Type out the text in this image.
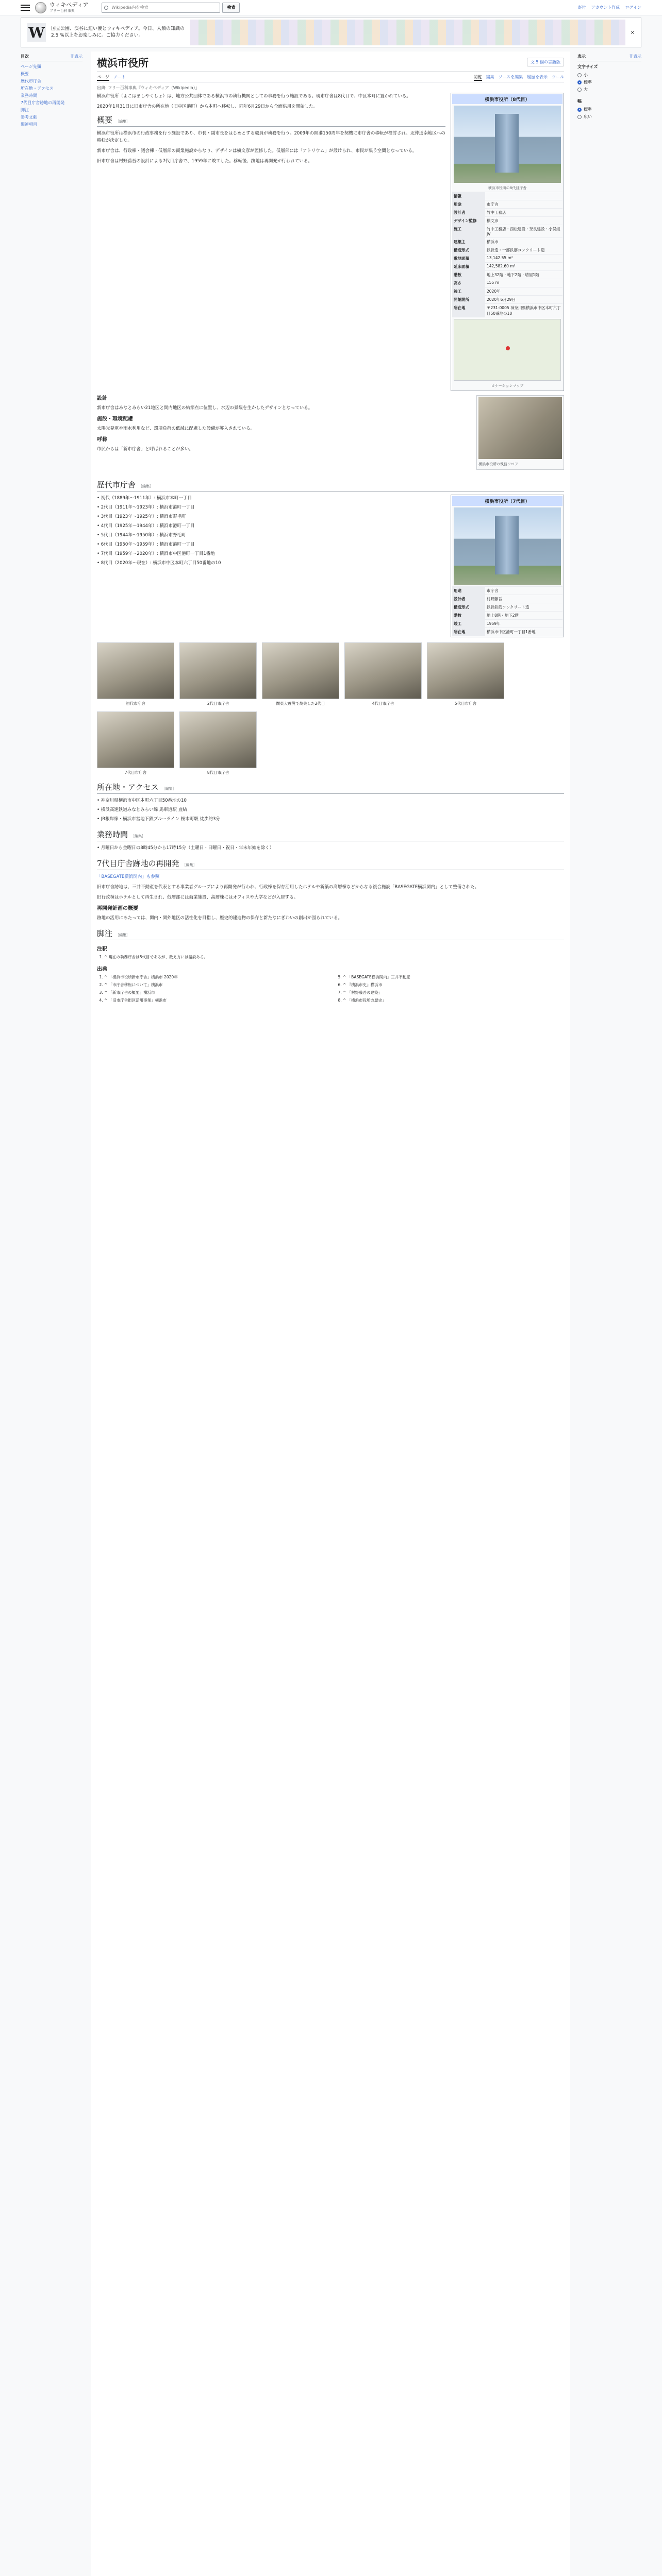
ウィキペディア
フリー百科事典
Wikipedia内を検索
検索	寄付 アカウント作成 ログイン
W 国立公園、渓谷に迫い優とウィキペディア。今日、人類の知識の 2.5 %以上をお楽しみに。ご協力ください。
×
目次	非表示
ページ先頭
概要
歴代市庁舎
所在地・アクセス
業務時間
7代目庁舎跡地の再開発
脚注
参考文献
関連項目
表示	非表示
文字サイズ
小
標準
大
幅
標準
広い
横浜市役所	文 5 個の言語版
ページ ノート	閲覧 編集 ソースを編集 履歴を表示 ツール
出典: フリー百科事典『ウィキペディア（Wikipedia）』

横浜市役所（よこはましやくしょ）は、地方公共団体である横浜市の執行機関としての事務を行う施設である。現市庁舎は8代目で、中区本町に置かれている。

2020年1月31日に旧市庁舎の所在地（旧中区港町）から本町へ移転し、同年6月29日から全面供用を開始した。

概要 ［編集］

横浜市役所は横浜市の行政事務を行う施設であり、市長・副市長をはじめとする職員が執務を行う。2009年の開港150周年を契機に市庁舎の移転が検討され、北仲通南地区への移転が決定した。

新市庁舎は、行政棟・議会棟・低層部の商業施設からなり、デザインは槇文彦が監修した。低層部には「アトリウム」が設けられ、市民が集う空間となっている。

旧市庁舎は村野藤吾の設計による7代目庁舎で、1959年に竣工した。移転後、跡地は再開発が行われている。

横浜市役所（8代目）
横浜市役所の8代目庁舎
情報
用途	市庁舎
設計者	竹中工務店
デザイン監修	槇文彦
施工	竹中工務店・西松建設・奈良建設・小俣組JV
建築主	横浜市
構造形式	鉄骨造・一部鉄筋コンクリート造
敷地面積	13,142.55 m²
延床面積	142,582.60 m²
階数	地上32階・地下2階・塔屋1階
高さ	155 m
竣工	2020年
開館開所	2020年6月29日
所在地	〒231-0005 神奈川県横浜市中区本町六丁目50番地の10
ロケーションマップ
横浜市役所の執務フロア
設計

新市庁舎はみなとみらい21地区と関内地区の結節点に位置し、水辺の景観を生かしたデザインとなっている。

施設・環境配慮

太陽光発電や雨水利用など、環境負荷の低減に配慮した設備が導入されている。

呼称

市民からは「新市庁舎」と呼ばれることが多い。

歴代市庁舎 ［編集］
• 初代（1889年〜1911年）: 横浜市本町一丁目
• 2代目（1911年〜1923年）: 横浜市港町一丁目
• 3代目（1923年〜1925年）: 横浜市野毛町
• 4代目（1925年〜1944年）: 横浜市港町一丁目
• 5代目（1944年〜1950年）: 横浜市野毛町
• 6代目（1950年〜1959年）: 横浜市港町一丁目
• 7代目（1959年〜2020年）: 横浜市中区港町一丁目1番地
• 8代目（2020年〜現在）: 横浜市中区本町六丁目50番地の10
横浜市役所（7代目）
用途	市庁舎
設計者	村野藤吾
構造形式	鉄骨鉄筋コンクリート造
階数	地上8階・地下2階
竣工	1959年
所在地	横浜市中区港町一丁目1番地
初代市庁舎	2代目市庁舎	関東大震災で焼失した2代目	4代目市庁舎	5代目市庁舎
7代目市庁舎	8代目市庁舎
所在地・アクセス ［編集］
• 神奈川県横浜市中区本町六丁目50番地の10
• 横浜高速鉄道みなとみらい線 馬車道駅 直結
• JR根岸線・横浜市営地下鉄ブルーライン 桜木町駅 徒歩約3分
業務時間 ［編集］
• 月曜日から金曜日の8時45分から17時15分（土曜日・日曜日・祝日・年末年始を除く）
7代目庁舎跡地の再開発 ［編集］

「BASEGATE横浜関内」も参照

旧市庁舎跡地は、三井不動産を代表とする事業者グループにより再開発が行われ、行政棟を保存活用したホテルや新築の高層棟などからなる複合施設「BASEGATE横浜関内」として整備された。

旧行政棟はホテルとして再生され、低層部には商業施設、高層棟にはオフィスや大学などが入居する。

再開発計画の概要

跡地の活用にあたっては、関内・関外地区の活性化を目指し、歴史的建造物の保存と新たなにぎわいの創出が図られている。

脚注 ［編集］
注釈
1. ^ 現在の執務庁舎は8代目であるが、数え方には諸説ある。
出典
1. ^ 「横浜市役所新市庁舎」横浜市 2020年
2. ^ 「市庁舎移転について」横浜市
3. ^ 「新市庁舎の概要」横浜市
4. ^ 「旧市庁舎街区活用事業」横浜市
5. ^ 「BASEGATE横浜関内」三井不動産
6. ^ 『横浜市史』横浜市
7. ^ 「村野藤吾の建築」
8. ^ 「横浜市役所の歴史」
